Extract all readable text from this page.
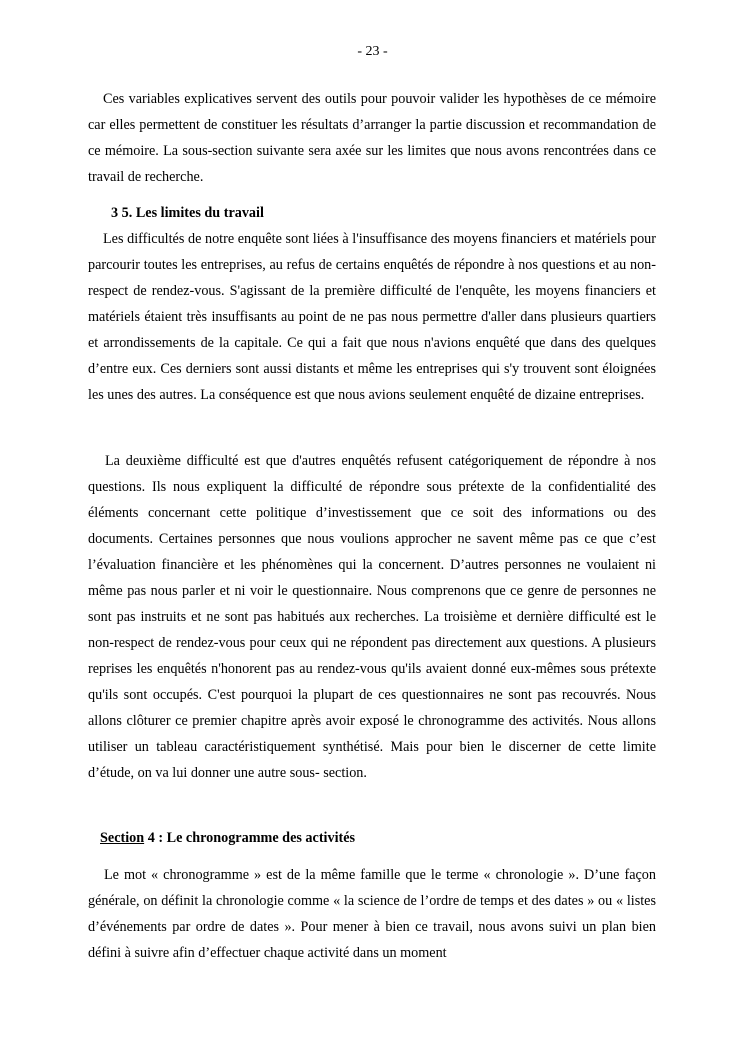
- 23 -

Ces variables explicatives servent des outils pour pouvoir valider les hypothèses de ce mémoire car elles permettent de constituer les résultats d’arranger la partie discussion et recommandation de ce mémoire. La sous-section suivante sera axée sur les limites que nous avons rencontrées dans ce travail de recherche.

3 5. Les limites du travail

Les difficultés de notre enquête sont liées à l'insuffisance des moyens financiers et matériels pour parcourir toutes les entreprises, au refus de certains enquêtés de répondre à nos questions et au non-respect de rendez-vous. S'agissant de la première difficulté de l'enquête, les moyens financiers et matériels étaient très insuffisants au point de ne pas nous permettre d'aller dans plusieurs quartiers et arrondissements de la capitale. Ce qui a fait que nous n'avions enquêté que dans des quelques d’entre eux. Ces derniers sont aussi distants et même les entreprises qui s'y trouvent sont éloignées les unes des autres. La conséquence est que nous avions seulement enquêté de dizaine entreprises.

La deuxième difficulté est que d'autres enquêtés refusent catégoriquement de répondre à nos questions. Ils nous expliquent la difficulté de répondre sous prétexte de la confidentialité des éléments concernant cette politique d’investissement que ce soit des informations ou des documents. Certaines personnes que nous voulions approcher ne savent même pas ce que c’est l’évaluation financière et les phénomènes qui la concernent. D’autres personnes ne voulaient ni même pas nous parler et ni voir le questionnaire. Nous comprenons que ce genre de personnes ne sont pas instruits et ne sont pas habitués aux recherches. La troisième et dernière difficulté est le non-respect de rendez-vous pour ceux qui ne répondent pas directement aux questions. A plusieurs reprises les enquêtés n'honorent pas au rendez-vous qu'ils avaient donné eux-mêmes sous prétexte qu'ils sont occupés. C'est pourquoi la plupart de ces questionnaires ne sont pas recouvrés. Nous allons clôturer ce premier chapitre après avoir exposé le chronogramme des activités. Nous allons utiliser un tableau caractéristiquement synthétisé. Mais pour bien le discerner de cette limite d’étude, on va lui donner une autre sous- section.

Section 4 : Le chronogramme des activités

Le mot « chronogramme » est de la même famille que le terme « chronologie ». D’une façon générale, on définit la chronologie comme « la science de l’ordre de temps et des dates » ou « listes d’événements par ordre de dates ». Pour mener à bien ce travail, nous avons suivi un plan bien défini à suivre afin d’effectuer chaque activité dans un moment
